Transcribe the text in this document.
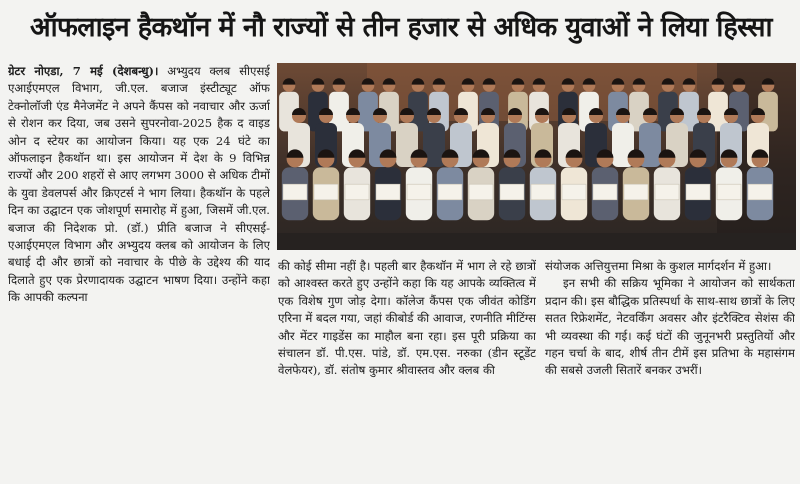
ऑफलाइन हैकथॉन में नौ राज्यों से तीन हजार से अधिक युवाओं ने लिया हिस्सा
ग्रेटर नोएडा, 7 मई (देशबन्धु)। अभ्युदय क्लब सीएसई एआईएमएल विभाग, जी.एल. बजाज इंस्टीट्यूट ऑफ टेक्नोलॉजी एंड मैनेजमेंट ने अपने कैंपस को नवाचार और ऊर्जा से रोशन कर दिया, जब उसने सुपरनोवा-2025 हैक द वाइड ओन द स्टेयर का आयोजन किया। यह एक 24 घंटे का ऑफलाइन हैकथॉन था। इस आयोजन में देश के 9 विभिन्न राज्यों और 200 शहरों से आए लगभग 3000 से अधिक टीमों के युवा डेवलपर्स और क्रिएटर्स ने भाग लिया। हैकथॉन के पहले दिन का उद्घाटन एक जोशपूर्ण समारोह में हुआ, जिसमें जी.एल. बजाज की निदेशक प्रो. (डॉ.) प्रीति बजाज ने सीएसई-एआईएमएल विभाग और अभ्युदय क्लब को आयोजन के लिए बधाई दी और छात्रों को नवाचार के पीछे के उद्देश्य की याद दिलाते हुए एक प्रेरणादायक उद्घाटन भाषण दिया। उन्होंने कहा कि आपकी कल्पना
की कोई सीमा नहीं है। पहली बार हैकथॉन में भाग ले रहे छात्रों को आश्वस्त करते हुए उन्होंने कहा कि यह आपके व्यक्तित्व में एक विशेष गुण जोड़ देगा। कॉलेज कैंपस एक जीवंत कोडिंग एरिना में बदल गया, जहां कीबोर्ड की आवाज, रणनीति मीटिंग्स और मेंटर गाइडेंस का माहौल बना रहा। इस पूरी प्रक्रिया का संचालन डॉ. पी.एस. पांडे, डॉ. एम.एस. नरुका (डीन स्टूडेंट वेलफेयर), डॉ. संतोष कुमार श्रीवास्तव और क्लब की
संयोजक अत्तियुत्तमा मिश्रा के कुशल मार्गदर्शन में हुआ।
इन सभी की सक्रिय भूमिका ने आयोजन को सार्थकता प्रदान की। इस बौद्धिक प्रतिस्पर्धा के साथ-साथ छात्रों के लिए सतत रिफ्रेशमेंट, नेटवर्किंग अवसर और इंटरैक्टिव सेशंस की भी व्यवस्था की गई। कई घंटों की जुनूनभरी प्रस्तुतियों और गहन चर्चा के बाद, शीर्ष तीन टीमें इस प्रतिभा के महासंगम की सबसे उजली सितारें बनकर उभरीं।
